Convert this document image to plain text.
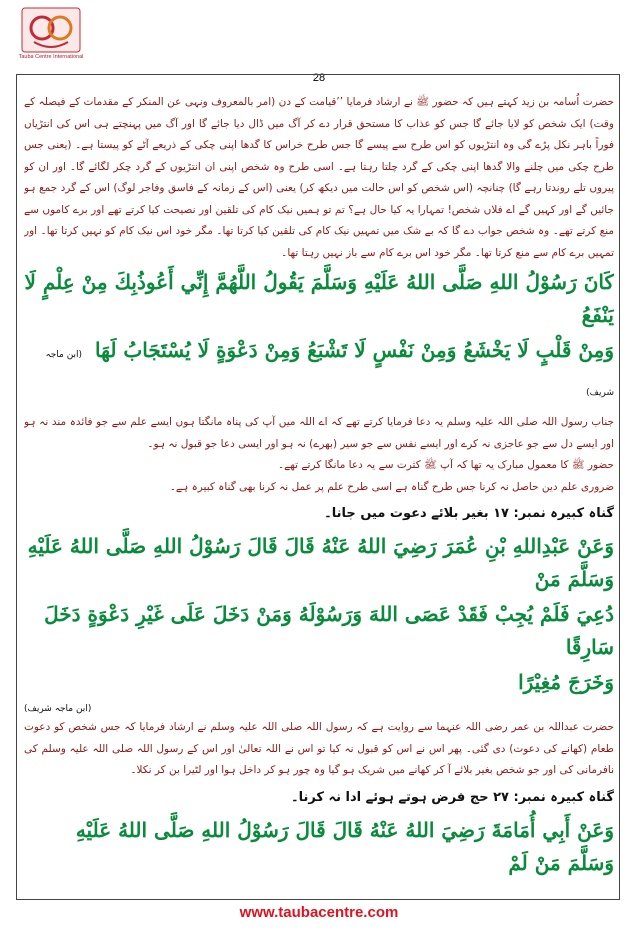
Tauba Centre International
28

حضرت اُسامہ بن زید کہتے ہیں کہ حضور ﷺ نے ارشاد فرمایا ’’قیامت کے دن (امر بالمعروف ونہی عن المنکر کے مقدمات کے فیصلہ کے وقت) ایک شخص کو لایا جائے گا جس کو عذاب کا مستحق قرار دے کر آگ میں ڈال دیا جائے گا اور آگ میں پہنچتے ہی اس کی انتڑیاں فوراً باہر نکل پڑے گی وہ انتڑیوں کو اس طرح سے پیسے گا جس طرح خراس کا گدھا اپنی چکی کے ذریعے آٹے کو پیستا ہے۔ (یعنی جس طرح چکی میں چلنے والا گدھا اپنی چکی کے گرد چلتا رہتا ہے۔ اسی طرح وہ شخص اپنی ان انتڑیوں کے گرد چکر لگائے گا۔ اور ان کو پیروں تلے روندتا رہے گا) چنانچہ (اس شخص کو اس حالت میں دیکھ کر) یعنی (اس کے زمانہ کے فاسق وفاجر لوگ) اس کے گرد جمع ہو جائیں گے اور کہیں گے اے فلاں شخص! تمہارا یہ کیا حال ہے؟ تم تو ہمیں نیک کام کی تلقین اور نصیحت کیا کرتے تھے اور برے کاموں سے منع کرتے تھے۔ وہ شخص جواب دے گا کہ بے شک میں تمہیں نیک کام کی تلقین کیا کرتا تھا۔ مگر خود اس نیک کام کو نہیں کرتا تھا۔ اور تمہیں برے کام سے منع کرتا تھا۔ مگر خود اس برے کام سے باز نہیں رہتا تھا۔

كَانَ رَسُوْلُ اللهِ صَلَّى اللهُ عَلَيْهِ وَسَلَّمَ يَقُولُ اللَّهُمَّ إِنِّي أَعُوذُبِكَ مِنْ عِلْمٍ لَا يَنْفَعُ

وَمِنْ قَلْبٍ لَا يَخْشَعُ وَمِنْ نَفْسٍ لَا تَشْبَعُ وَمِنْ دَعْوَةٍ لَا يُسْتَجَابُ لَهَا (ابن ماجہ شریف)

جناب رسول اللہ صلی اللہ علیہ وسلم یہ دعا فرمایا کرتے تھے کہ اے اللہ میں آپ کی پناہ مانگتا ہوں ایسے علم سے جو فائدہ مند نہ ہو اور ایسے دل سے جو عاجزی نہ کرے اور ایسے نفس سے جو سیر (بھرے) نہ ہو اور ایسی دعا جو قبول نہ ہو۔

حضور ﷺ کا معمول مبارک یہ تھا کہ آپ ﷺ کثرت سے یہ دعا مانگا کرتے تھے۔

ضروری علم دین حاصل نہ کرنا جس طرح گناہ ہے اسی طرح علم پر عمل نہ کرنا بھی گناہ کبیرہ ہے۔

گناہ کبیرہ نمبر: ۱۷ بغیر بلائے دعوت میں جانا۔

وَعَنْ عَبْدِاللهِ بْنِ عُمَرَ رَضِيَ اللهُ عَنْهُ قَالَ قَالَ رَسُوْلُ اللهِ صَلَّى اللهُ عَلَيْهِ وَسَلَّمَ مَنْ

دُعِيَ فَلَمْ يُجِبْ فَقَدْ عَصَى اللهَ وَرَسُوْلَهُ وَمَنْ دَخَلَ عَلَى غَيْرِ دَعْوَةٍ دَخَلَ سَارِقًا

وَخَرَجَ مُغِيْرًا

(ابن ماجہ شریف)

حضرت عبداللہ بن عمر رضی اللہ عنہما سے روایت ہے کہ رسول اللہ صلی اللہ علیہ وسلم نے ارشاد فرمایا کہ جس شخص کو دعوت طعام (کھانے کی دعوت) دی گئی۔ پھر اس نے اس کو قبول نہ کیا تو اس نے اللہ تعالیٰ اور اس کے رسول اللہ صلی اللہ علیہ وسلم کی نافرمانی کی اور جو شخص بغیر بلائے آ کر کھانے میں شریک ہو گیا وہ چور ہو کر داخل ہوا اور لٹیرا بن کر نکلا۔

گناہ کبیرہ نمبر: ۲۷ حج فرض ہوتے ہوئے ادا نہ کرنا۔

وَعَنْ أَبِي أُمَامَةَ رَضِيَ اللهُ عَنْهُ قَالَ قَالَ رَسُوْلُ اللهِ صَلَّى اللهُ عَلَيْهِ وَسَلَّمَ مَنْ لَمْ

www.taubacentre.com
